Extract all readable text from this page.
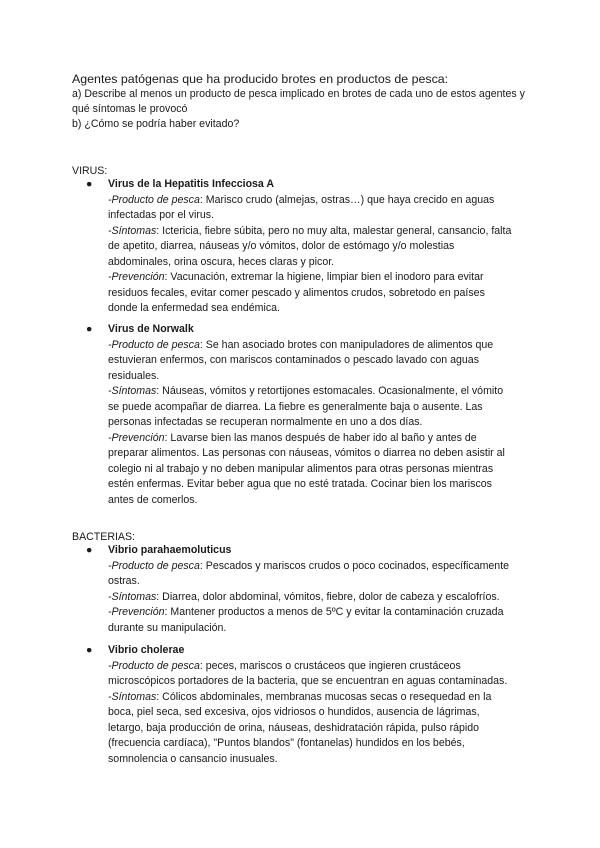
Agentes patógenas que ha producido brotes en productos de pesca:

a) Describe al menos un producto de pesca implicado en brotes de cada uno de estos agentes y qué síntomas le provocó

b) ¿Cómo se podría haber evitado?

VIRUS:

● Virus de la Hepatitis Infecciosa A

-Producto de pesca: Marisco crudo (almejas, ostras…) que haya crecido en aguas infectadas por el virus.

-Síntomas: Ictericia, fiebre súbita, pero no muy alta, malestar general, cansancio, falta de apetito, diarrea, náuseas y/o vómitos, dolor de estómago y/o molestias abdominales, orina oscura, heces claras y picor.

-Prevención: Vacunación, extremar la higiene, limpiar bien el inodoro para evitar residuos fecales, evitar comer pescado y alimentos crudos, sobretodo en países donde la enfermedad sea endémica.

● Virus de Norwalk

-Producto de pesca: Se han asociado brotes con manipuladores de alimentos que estuvieran enfermos, con mariscos contaminados o pescado lavado con aguas residuales.

-Síntomas: Náuseas, vómitos y retortijones estomacales. Ocasionalmente, el vómito se puede acompañar de diarrea. La fiebre es generalmente baja o ausente. Las personas infectadas se recuperan normalmente en uno a dos días.

-Prevención: Lavarse bien las manos después de haber ido al baño y antes de preparar alimentos. Las personas con náuseas, vómitos o diarrea no deben asistir al colegio ni al trabajo y no deben manipular alimentos para otras personas mientras estén enfermas. Evitar beber agua que no esté tratada. Cocinar bien los mariscos antes de comerlos.

BACTERIAS:

● Vibrio parahaemoluticus

-Producto de pesca: Pescados y mariscos crudos o poco cocinados, específicamente ostras.

-Síntomas: Diarrea, dolor abdominal, vómitos, fiebre, dolor de cabeza y escalofríos.

-Prevención: Mantener productos a menos de 5ºC y evitar la contaminación cruzada durante su manipulación.

● Vibrio cholerae

-Producto de pesca: peces, mariscos o crustáceos que ingieren crustáceos microscópicos portadores de la bacteria, que se encuentran en aguas contaminadas.

-Síntomas: Cólicos abdominales, membranas mucosas secas o resequedad en la boca, piel seca, sed excesiva, ojos vidriosos o hundidos, ausencia de lágrimas, letargo, baja producción de orina, náuseas, deshidratación rápida, pulso rápido (frecuencia cardíaca), "Puntos blandos" (fontanelas) hundidos en los bebés, somnolencia o cansancio inusuales.
